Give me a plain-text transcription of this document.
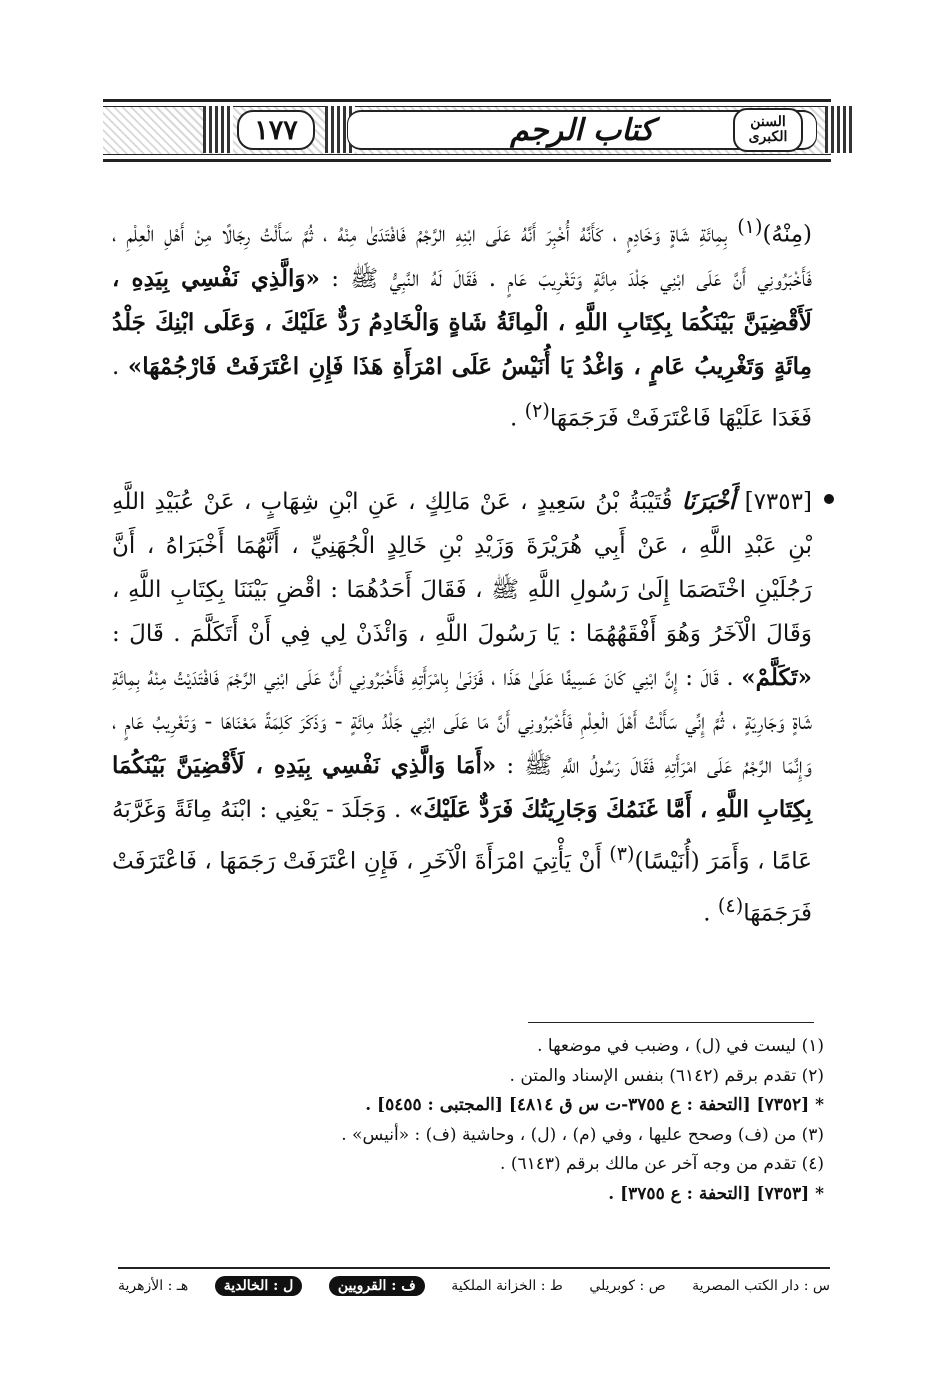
١٧٧	كتاب الرجم	السنن الكبرى

(مِنْهُ)$^{(١)}$ بِمِائَةِ شَاةٍ وَخَادِمٍ ، كَأَنَّهُ أُخْبِرَ أَنَّهُ عَلَى ابْنِهِ الرَّجْمُ فَافْتَدَىٰ مِنْهُ ، ثُمَّ سَأَلْتُ رِجَالًا مِنْ أَهْلِ الْعِلْمِ ، فَأَخْبَرُونِي أَنَّ عَلَى ابْنِي جَلْدَ مِائَةٍ وَتَغْرِيبَ عَامٍ . فَقَالَ لَهُ النَّبِيُّ ﷺ : «وَالَّذِي نَفْسِي بِيَدِهِ ، لَأَقْضِيَنَّ بَيْنَكُمَا بِكِتَابِ اللَّهِ ، الْمِائَةُ شَاةٍ وَالْخَادِمُ رَدٌّ عَلَيْكَ ، وَعَلَى ابْنِكَ جَلْدُ مِائَةٍ وَتَغْرِيبُ عَامٍ ، وَاغْدُ يَا أُنَيْسُ عَلَى امْرَأَةِ هَذَا فَإِنِ اعْتَرَفَتْ فَارْجُمْهَا» . فَغَدَا عَلَيْهَا فَاعْتَرَفَتْ فَرَجَمَهَا$^{(٢)}$ .

[٧٣٥٣] أَخْبَرَنَا قُتَيْبَةُ بْنُ سَعِيدٍ ، عَنْ مَالِكٍ ، عَنِ ابْنِ شِهَابٍ ، عَنْ عُبَيْدِ اللَّهِ بْنِ عَبْدِ اللَّهِ ، عَنْ أَبِي هُرَيْرَةَ وَزَيْدِ بْنِ خَالِدٍ الْجُهَنِيِّ ، أَنَّهُمَا أَخْبَرَاهُ ، أَنَّ رَجُلَيْنِ اخْتَصَمَا إِلَىٰ رَسُولِ اللَّهِ ﷺ ، فَقَالَ أَحَدُهُمَا : اقْضِ بَيْنَنَا بِكِتَابِ اللَّهِ ، وَقَالَ الْآخَرُ وَهُوَ أَفْقَهُهُمَا : يَا رَسُولَ اللَّهِ ، وَائْذَنْ لِي فِي أَنْ أَتَكَلَّمَ . قَالَ : «تَكَلَّمْ» . قَالَ : إِنَّ ابْنِي كَانَ عَسِيفًا عَلَىٰ هَذَا ، فَزَنَىٰ بِامْرَأَتِهِ فَأَخْبَرُونِي أَنَّ عَلَى ابْنِي الرَّجْمَ فَافْتَدَيْتُ مِنْهُ بِمِائَةِ شَاةٍ وَجَارِيَةٍ ، ثُمَّ إِنِّي سَأَلْتُ أَهْلَ الْعِلْمِ فَأَخْبَرُونِي أَنَّ مَا عَلَى ابْنِي جَلْدُ مِائَةٍ - وَذَكَرَ كَلِمَةً مَعْنَاهَا - وَتَغْرِيبُ عَامٍ ، وَإِنَّمَا الرَّجْمُ عَلَى امْرَأَتِهِ فَقَالَ رَسُولُ اللَّهِ ﷺ : «أَمَا وَالَّذِي نَفْسِي بِيَدِهِ ، لَأَقْضِيَنَّ بَيْنَكُمَا بِكِتَابِ اللَّهِ ، أَمَّا غَنَمُكَ وَجَارِيَتُكَ فَرَدٌّ عَلَيْكَ» . وَجَلَدَ - يَعْنِي : ابْنَهُ مِائَةً وَغَرَّبَهُ عَامًا ، وَأَمَرَ (أُنَيْسًا)$^{(٣)}$ أَنْ يَأْتِيَ امْرَأَةَ الْآخَرِ ، فَإِنِ اعْتَرَفَتْ رَجَمَهَا ، فَاعْتَرَفَتْ فَرَجَمَهَا$^{(٤)}$ .

(١) ليست في (ل) ، وضبب في موضعها .
(٢) تقدم برقم (٦١٤٢) بنفس الإسناد والمتن .
* [٧٣٥٢] [التحفة : ع ٣٧٥٥-ت س ق ٤٨١٤] [المجتبى : ٥٤٥٥] .
(٣) من (ف) وصحح عليها ، وفي (م) ، (ل) ، وحاشية (ف) : «أنيس» .
(٤) تقدم من وجه آخر عن مالك برقم (٦١٤٣) .
* [٧٣٥٣] [التحفة : ع ٣٧٥٥] .
س : دار الكتب المصرية
ص : كوبريلي
ط : الخزانة الملكية
ف : القرويين
ل : الخالدية
هـ : الأزهرية
